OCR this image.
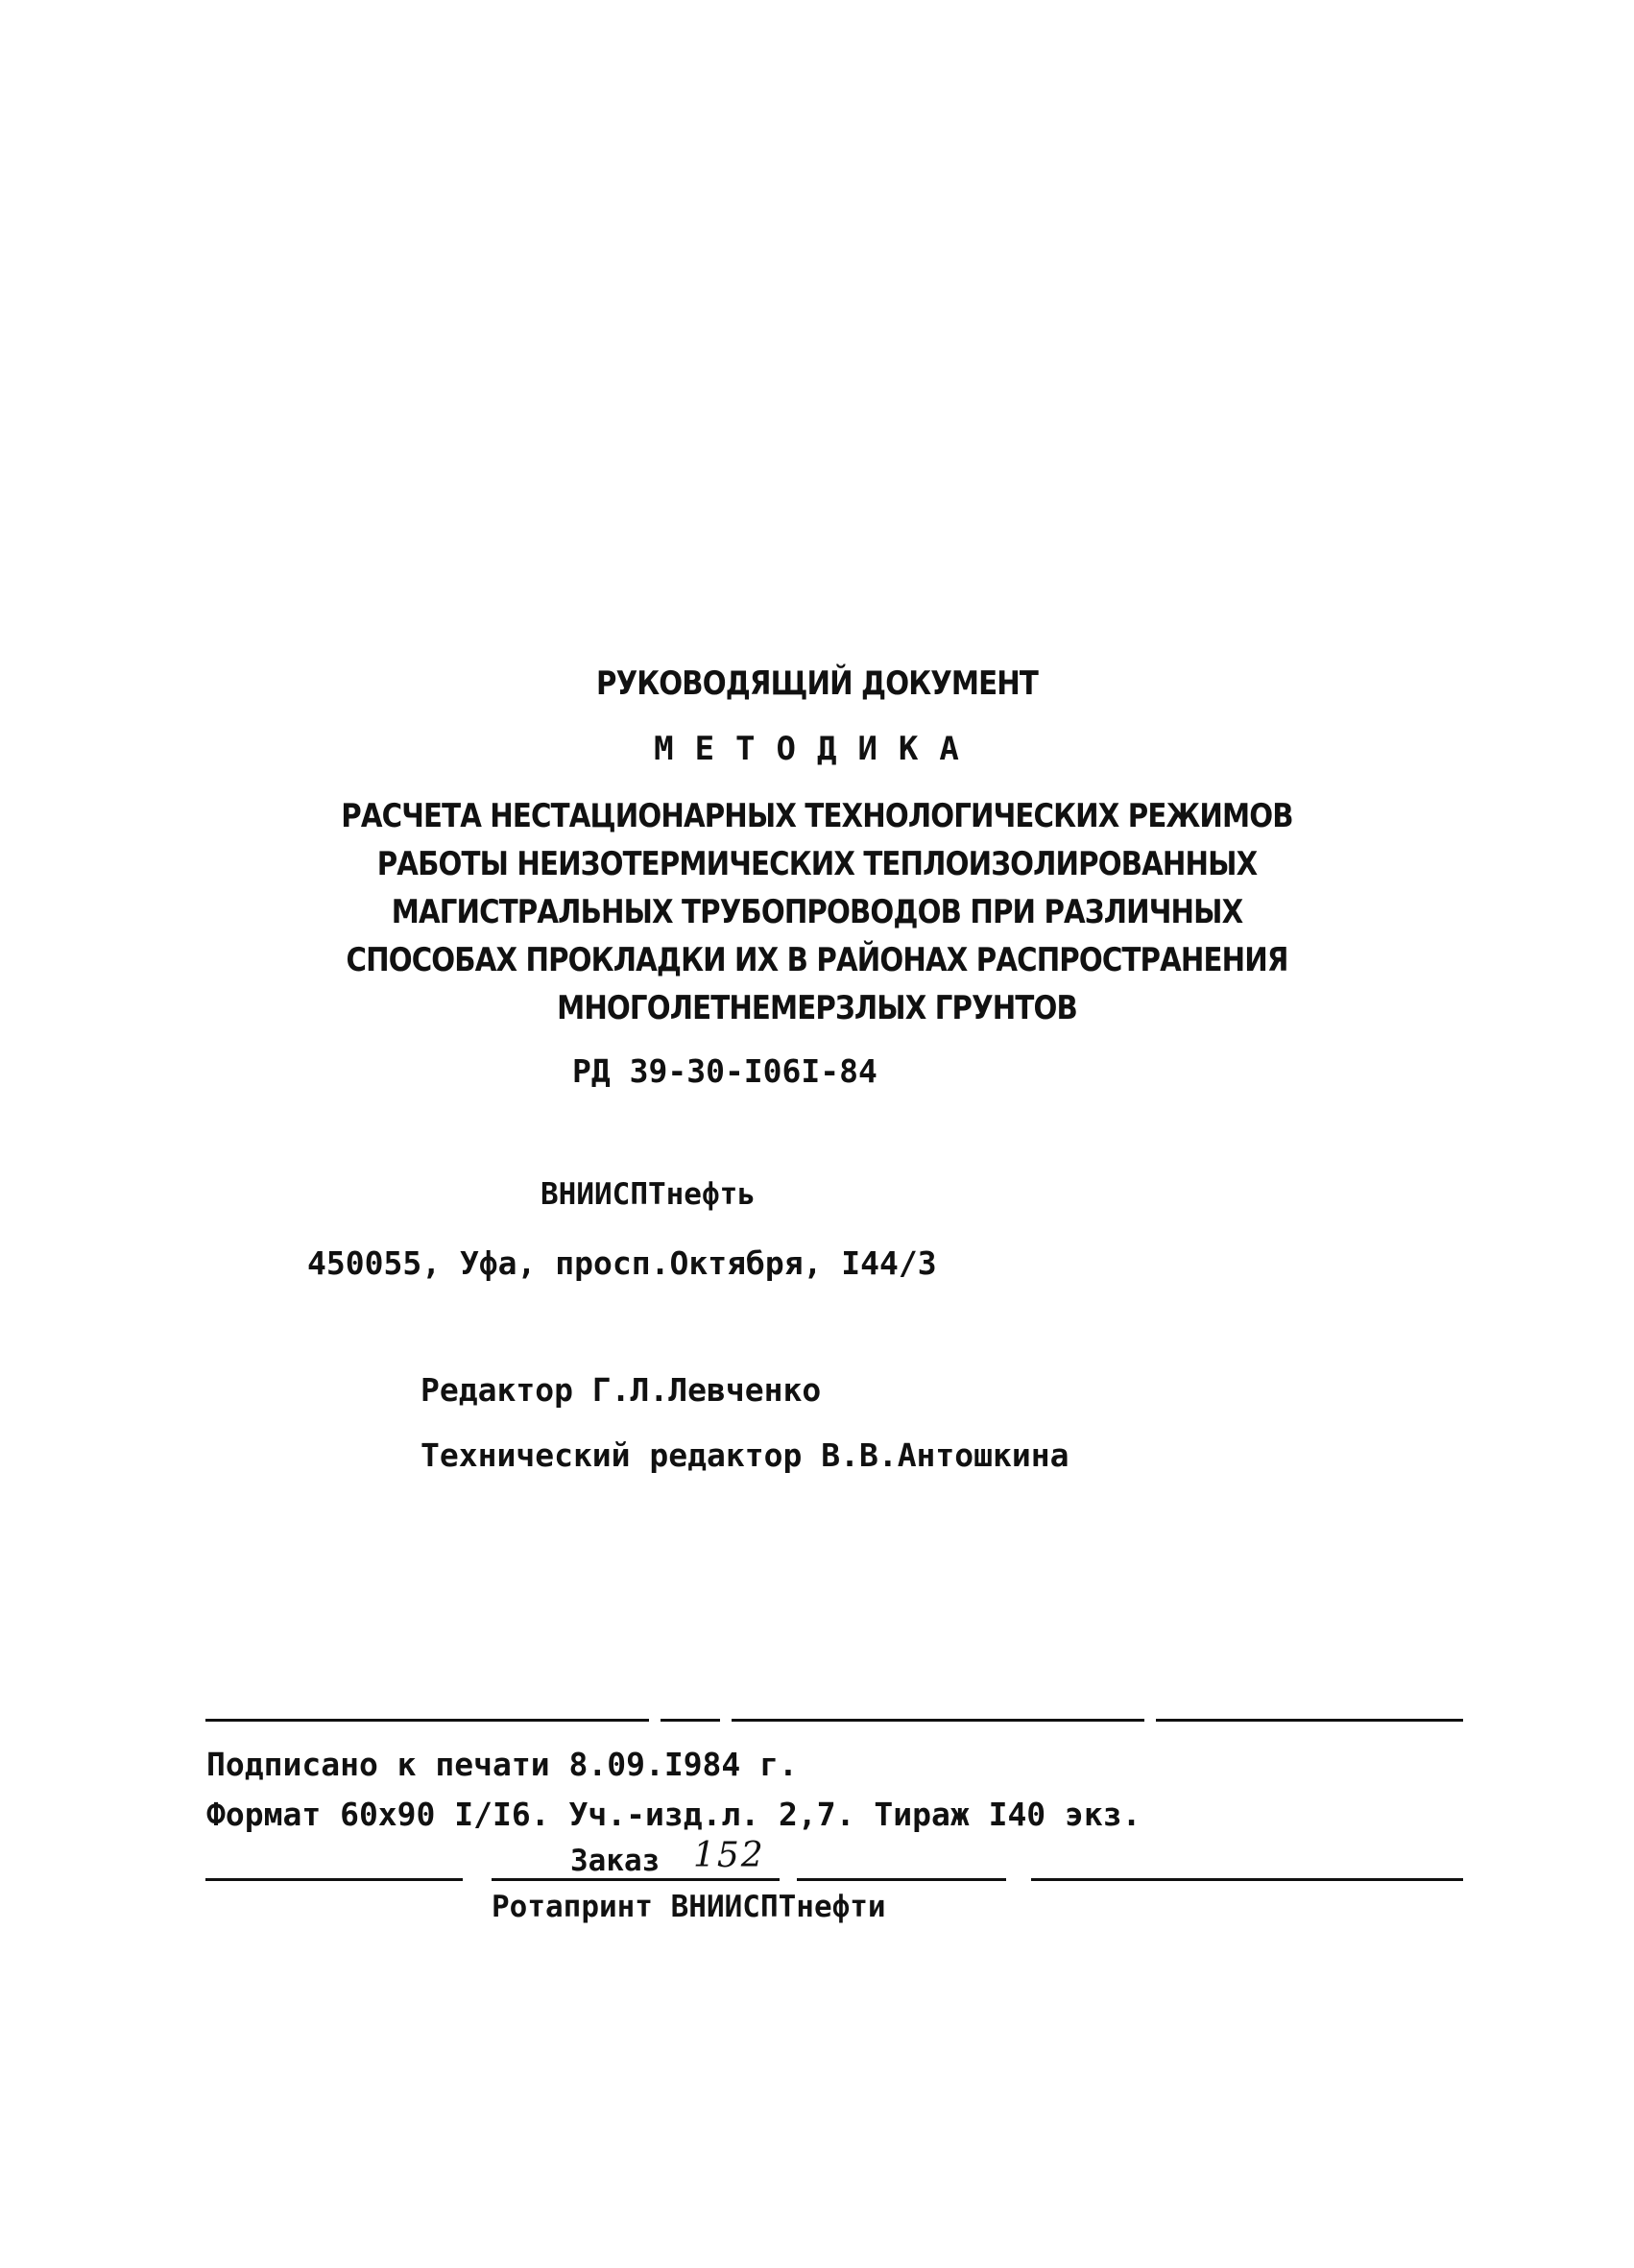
РУКОВОДЯЩИЙ ДОКУМЕНТ
МЕТОДИКА
РАСЧЕТА НЕСТАЦИОНАРНЫХ ТЕХНОЛОГИЧЕСКИХ РЕЖИМОВ
РАБОТЫ НЕИЗОТЕРМИЧЕСКИХ ТЕПЛОИЗОЛИРОВАННЫХ
МАГИСТРАЛЬНЫХ ТРУБОПРОВОДОВ ПРИ РАЗЛИЧНЫХ
СПОСОБАХ ПРОКЛАДКИ ИХ В РАЙОНАХ РАСПРОСТРАНЕНИЯ
МНОГОЛЕТНЕМЕРЗЛЫХ ГРУНТОВ
РД 39-30-I06I-84
ВНИИСПТнефть
450055, Уфа, просп.Октября, I44/3
Редактор Г.Л.Левченко
Технический редактор В.В.Антошкина
Подписано к печати 8.09.I984 г.
Формат 60х90 I/I6. Уч.-изд.л. 2,7. Тираж I40 экз.
Заказ 152
Ротапринт ВНИИСПТнефти
